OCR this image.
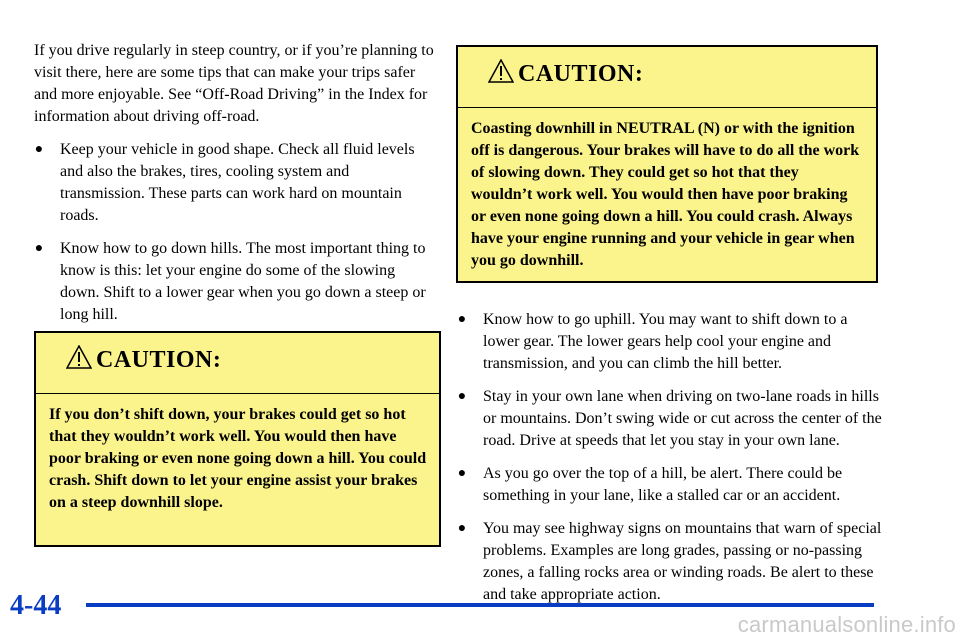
If you drive regularly in steep country, or if you’re planning to visit there, here are some tips that can make your trips safer and more enjoyable. See “Off-Road Driving” in the Index for information about driving off-road.

● Keep your vehicle in good shape. Check all fluid levels and also the brakes, tires, cooling system and transmission. These parts can work hard on mountain roads.
● Know how to go down hills. The most important thing to know is this: let your engine do some of the slowing down. Shift to a lower gear when you go down a steep or long hill.
CAUTION:
If you don’t shift down, your brakes could get so hot that they wouldn’t work well. You would then have poor braking or even none going down a hill. You could crash. Shift down to let your engine assist your brakes on a steep downhill slope.
CAUTION:
Coasting downhill in NEUTRAL (N) or with the ignition off is dangerous. Your brakes will have to do all the work of slowing down. They could get so hot that they wouldn’t work well. You would then have poor braking or even none going down a hill. You could crash. Always have your engine running and your vehicle in gear when you go downhill.
● Know how to go uphill. You may want to shift down to a lower gear. The lower gears help cool your engine and transmission, and you can climb the hill better.
● Stay in your own lane when driving on two-lane roads in hills or mountains. Don’t swing wide or cut across the center of the road. Drive at speeds that let you stay in your own lane.
● As you go over the top of a hill, be alert. There could be something in your lane, like a stalled car or an accident.
● You may see highway signs on mountains that warn of special problems. Examples are long grades, passing or no-passing zones, a falling rocks area or winding roads. Be alert to these and take appropriate action.
4-44
carmanualsonline.info
